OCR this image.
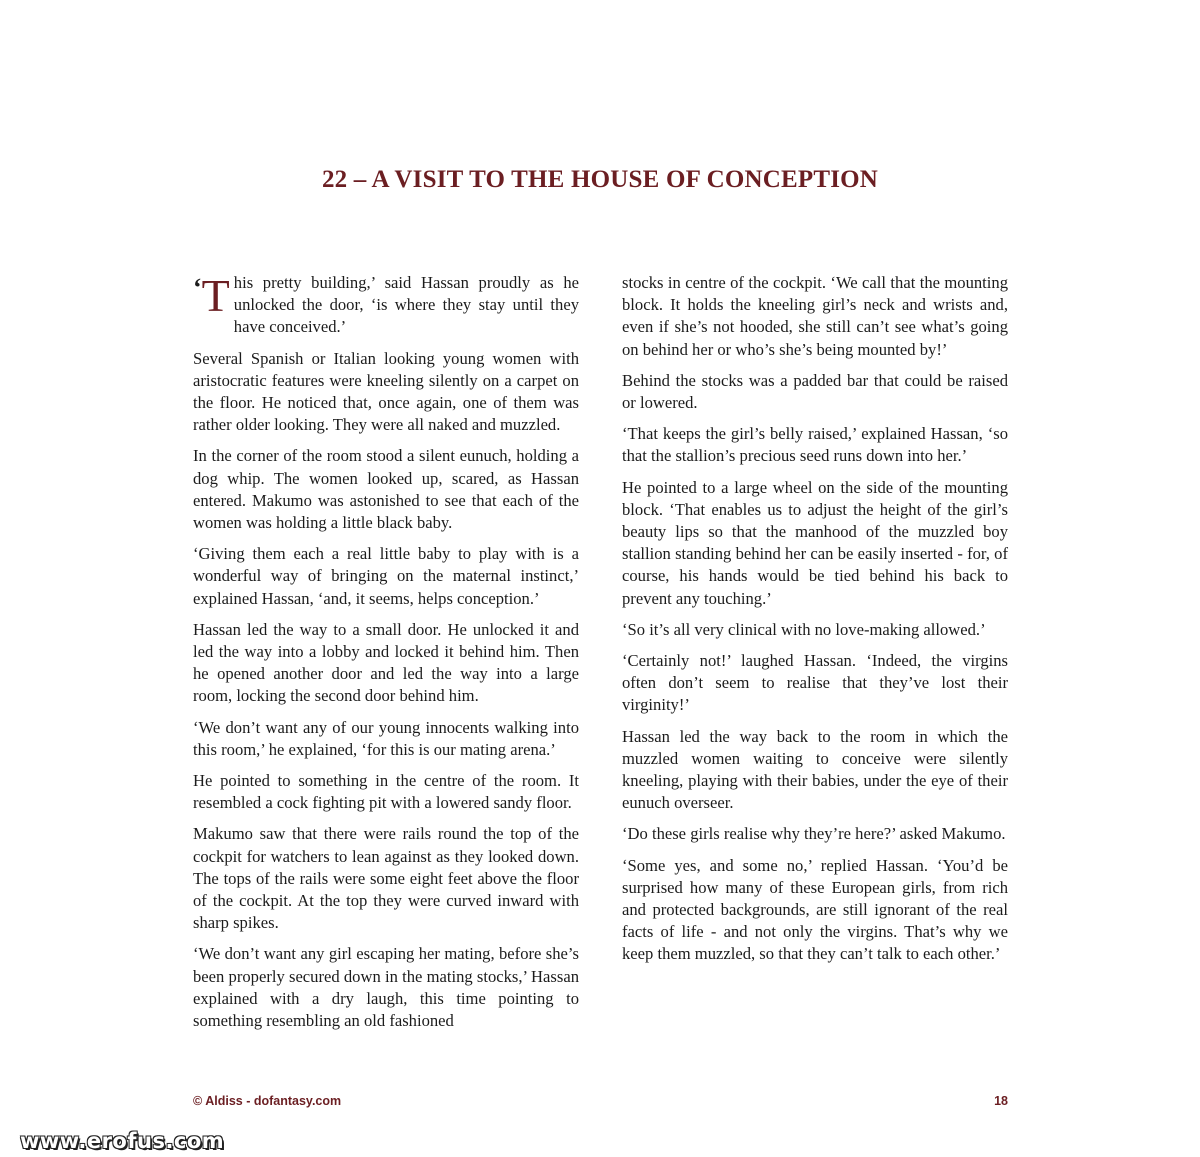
22 – A VISIT TO THE HOUSE OF CONCEPTION

‘T his pretty building,’ said Hassan proudly as he unlocked the door, ‘is where they stay until they have conceived.’

Several Spanish or Italian looking young women with aristocratic features were kneeling silently on a carpet on the floor. He noticed that, once again, one of them was rather older looking. They were all naked and muzzled.

In the corner of the room stood a silent eunuch, holding a dog whip. The women looked up, scared, as Hassan entered. Makumo was astonished to see that each of the women was holding a little black baby.

‘Giving them each a real little baby to play with is a wonderful way of bringing on the maternal instinct,’ explained Hassan, ‘and, it seems, helps conception.’

Hassan led the way to a small door. He unlocked it and led the way into a lobby and locked it behind him. Then he opened another door and led the way into a large room, locking the second door behind him.

‘We don’t want any of our young innocents walking into this room,’ he explained, ‘for this is our mating arena.’

He pointed to something in the centre of the room. It resembled a cock fighting pit with a lowered sandy floor.

Makumo saw that there were rails round the top of the cockpit for watchers to lean against as they looked down. The tops of the rails were some eight feet above the floor of the cockpit. At the top they were curved inward with sharp spikes.

‘We don’t want any girl escaping her mating, before she’s been properly secured down in the mating stocks,’ Hassan explained with a dry laugh, this time pointing to something resembling an old fashioned

stocks in centre of the cockpit. ‘We call that the mounting block. It holds the kneeling girl’s neck and wrists and, even if she’s not hooded, she still can’t see what’s going on behind her or who’s she’s being mounted by!’

Behind the stocks was a padded bar that could be raised or lowered.

‘That keeps the girl’s belly raised,’ explained Hassan, ‘so that the stallion’s precious seed runs down into her.’

He pointed to a large wheel on the side of the mounting block. ‘That enables us to adjust the height of the girl’s beauty lips so that the manhood of the muzzled boy stallion standing behind her can be easily inserted - for, of course, his hands would be tied behind his back to prevent any touching.’

‘So it’s all very clinical with no love-making allowed.’

‘Certainly not!’ laughed Hassan. ‘Indeed, the virgins often don’t seem to realise that they’ve lost their virginity!’

Hassan led the way back to the room in which the muzzled women waiting to conceive were silently kneeling, playing with their babies, under the eye of their eunuch overseer.

‘Do these girls realise why they’re here?’ asked Makumo.

‘Some yes, and some no,’ replied Hassan. ‘You’d be surprised how many of these European girls, from rich and protected backgrounds, are still ignorant of the real facts of life - and not only the virgins. That’s why we keep them muzzled, so that they can’t talk to each other.’

© Aldiss - dofantasy.com	18
www.erofus.com
